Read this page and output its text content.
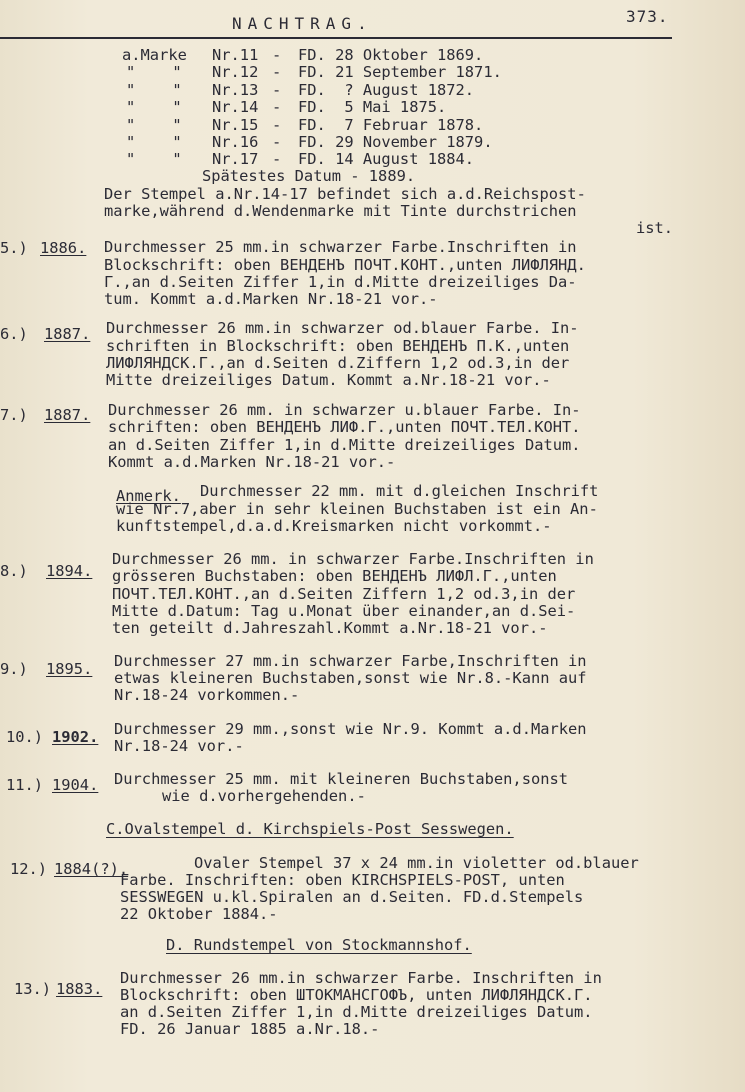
NACHTRAG.	373.
a.Marke Nr.11 - FD. 28 Oktober 1869.
"    " Nr.12 - FD. 21 September 1871.
"    " Nr.13 - FD.  ? August 1872.
"    " Nr.14 - FD.  5 Mai 1875.
"    " Nr.15 - FD.  7 Februar 1878.
"    " Nr.16 - FD. 29 November 1879.
"    " Nr.17 - FD. 14 August 1884.
Spätestes Datum - 1889.
Der Stempel a.Nr.14-17 befindet sich a.d.Reichspost-
marke,während d.Wendenmarke mit Tinte durchstrichen
ist.
5.) 1886. Durchmesser 25 mm.in schwarzer Farbe.Inschriften in
Blockschrift: oben ВЕНДЕНЪ ПОЧТ.КОНТ.,unten ЛИФЛЯНД.
Г.,an d.Seiten Ziffer 1,in d.Mitte dreizeiliges Da-
tum. Kommt a.d.Marken Nr.18-21 vor.-
6.) 1887. Durchmesser 26 mm.in schwarzer od.blauer Farbe. In-
schriften in Blockschrift: oben ВЕНДЕНЪ П.К.,unten
ЛИФЛЯНДСК.Г.,an d.Seiten d.Ziffern 1,2 od.3,in der
Mitte dreizeiliges Datum. Kommt a.Nr.18-21 vor.-
7.) 1887. Durchmesser 26 mm. in schwarzer u.blauer Farbe. In-
schriften: oben ВЕНДЕНЪ ЛИФ.Г.,unten ПОЧТ.ТЕЛ.КОНТ.
an d.Seiten Ziffer 1,in d.Mitte dreizeiliges Datum.
Kommt a.d.Marken Nr.18-21 vor.-
Anmerk. Durchmesser 22 mm. mit d.gleichen Inschrift
wie Nr.7,aber in sehr kleinen Buchstaben ist ein An-
kunftstempel,d.a.d.Kreismarken nicht vorkommt.-
8.) 1894.
Durchmesser 26 mm. in schwarzer Farbe.Inschriften in
grösseren Buchstaben: oben ВЕНДЕНЪ ЛИФЛ.Г.,unten
ПОЧТ.ТЕЛ.КОНТ.,an d.Seiten Ziffern 1,2 od.3,in der
Mitte d.Datum: Tag u.Monat über einander,an d.Sei-
ten geteilt d.Jahreszahl.Kommt a.Nr.18-21 vor.-
9.) 1895. Durchmesser 27 mm.in schwarzer Farbe,Inschriften in
etwas kleineren Buchstaben,sonst wie Nr.8.-Kann auf
Nr.18-24 vorkommen.-
10.) 1902. Durchmesser 29 mm.,sonst wie Nr.9. Kommt a.d.Marken
Nr.18-24 vor.-
11.) 1904. Durchmesser 25 mm. mit kleineren Buchstaben,sonst
wie d.vorhergehenden.-
C.Ovalstempel d. Kirchspiels-Post Sesswegen.
12.) 1884(?).	Ovaler Stempel 37 x 24 mm.in violetter od.blauer
Farbe. Inschriften: oben KIRCHSPIELS-POST, unten
SESSWEGEN u.kl.Spiralen an d.Seiten. FD.d.Stempels
22 Oktober 1884.-
D. Rundstempel von Stockmannshof.
13.) 1883.
Durchmesser 26 mm.in schwarzer Farbe. Inschriften in
Blockschrift: oben ШТОКМАНСГОФЪ, unten ЛИФЛЯНДСК.Г.
an d.Seiten Ziffer 1,in d.Mitte dreizeiliges Datum.
FD. 26 Januar 1885 a.Nr.18.-
